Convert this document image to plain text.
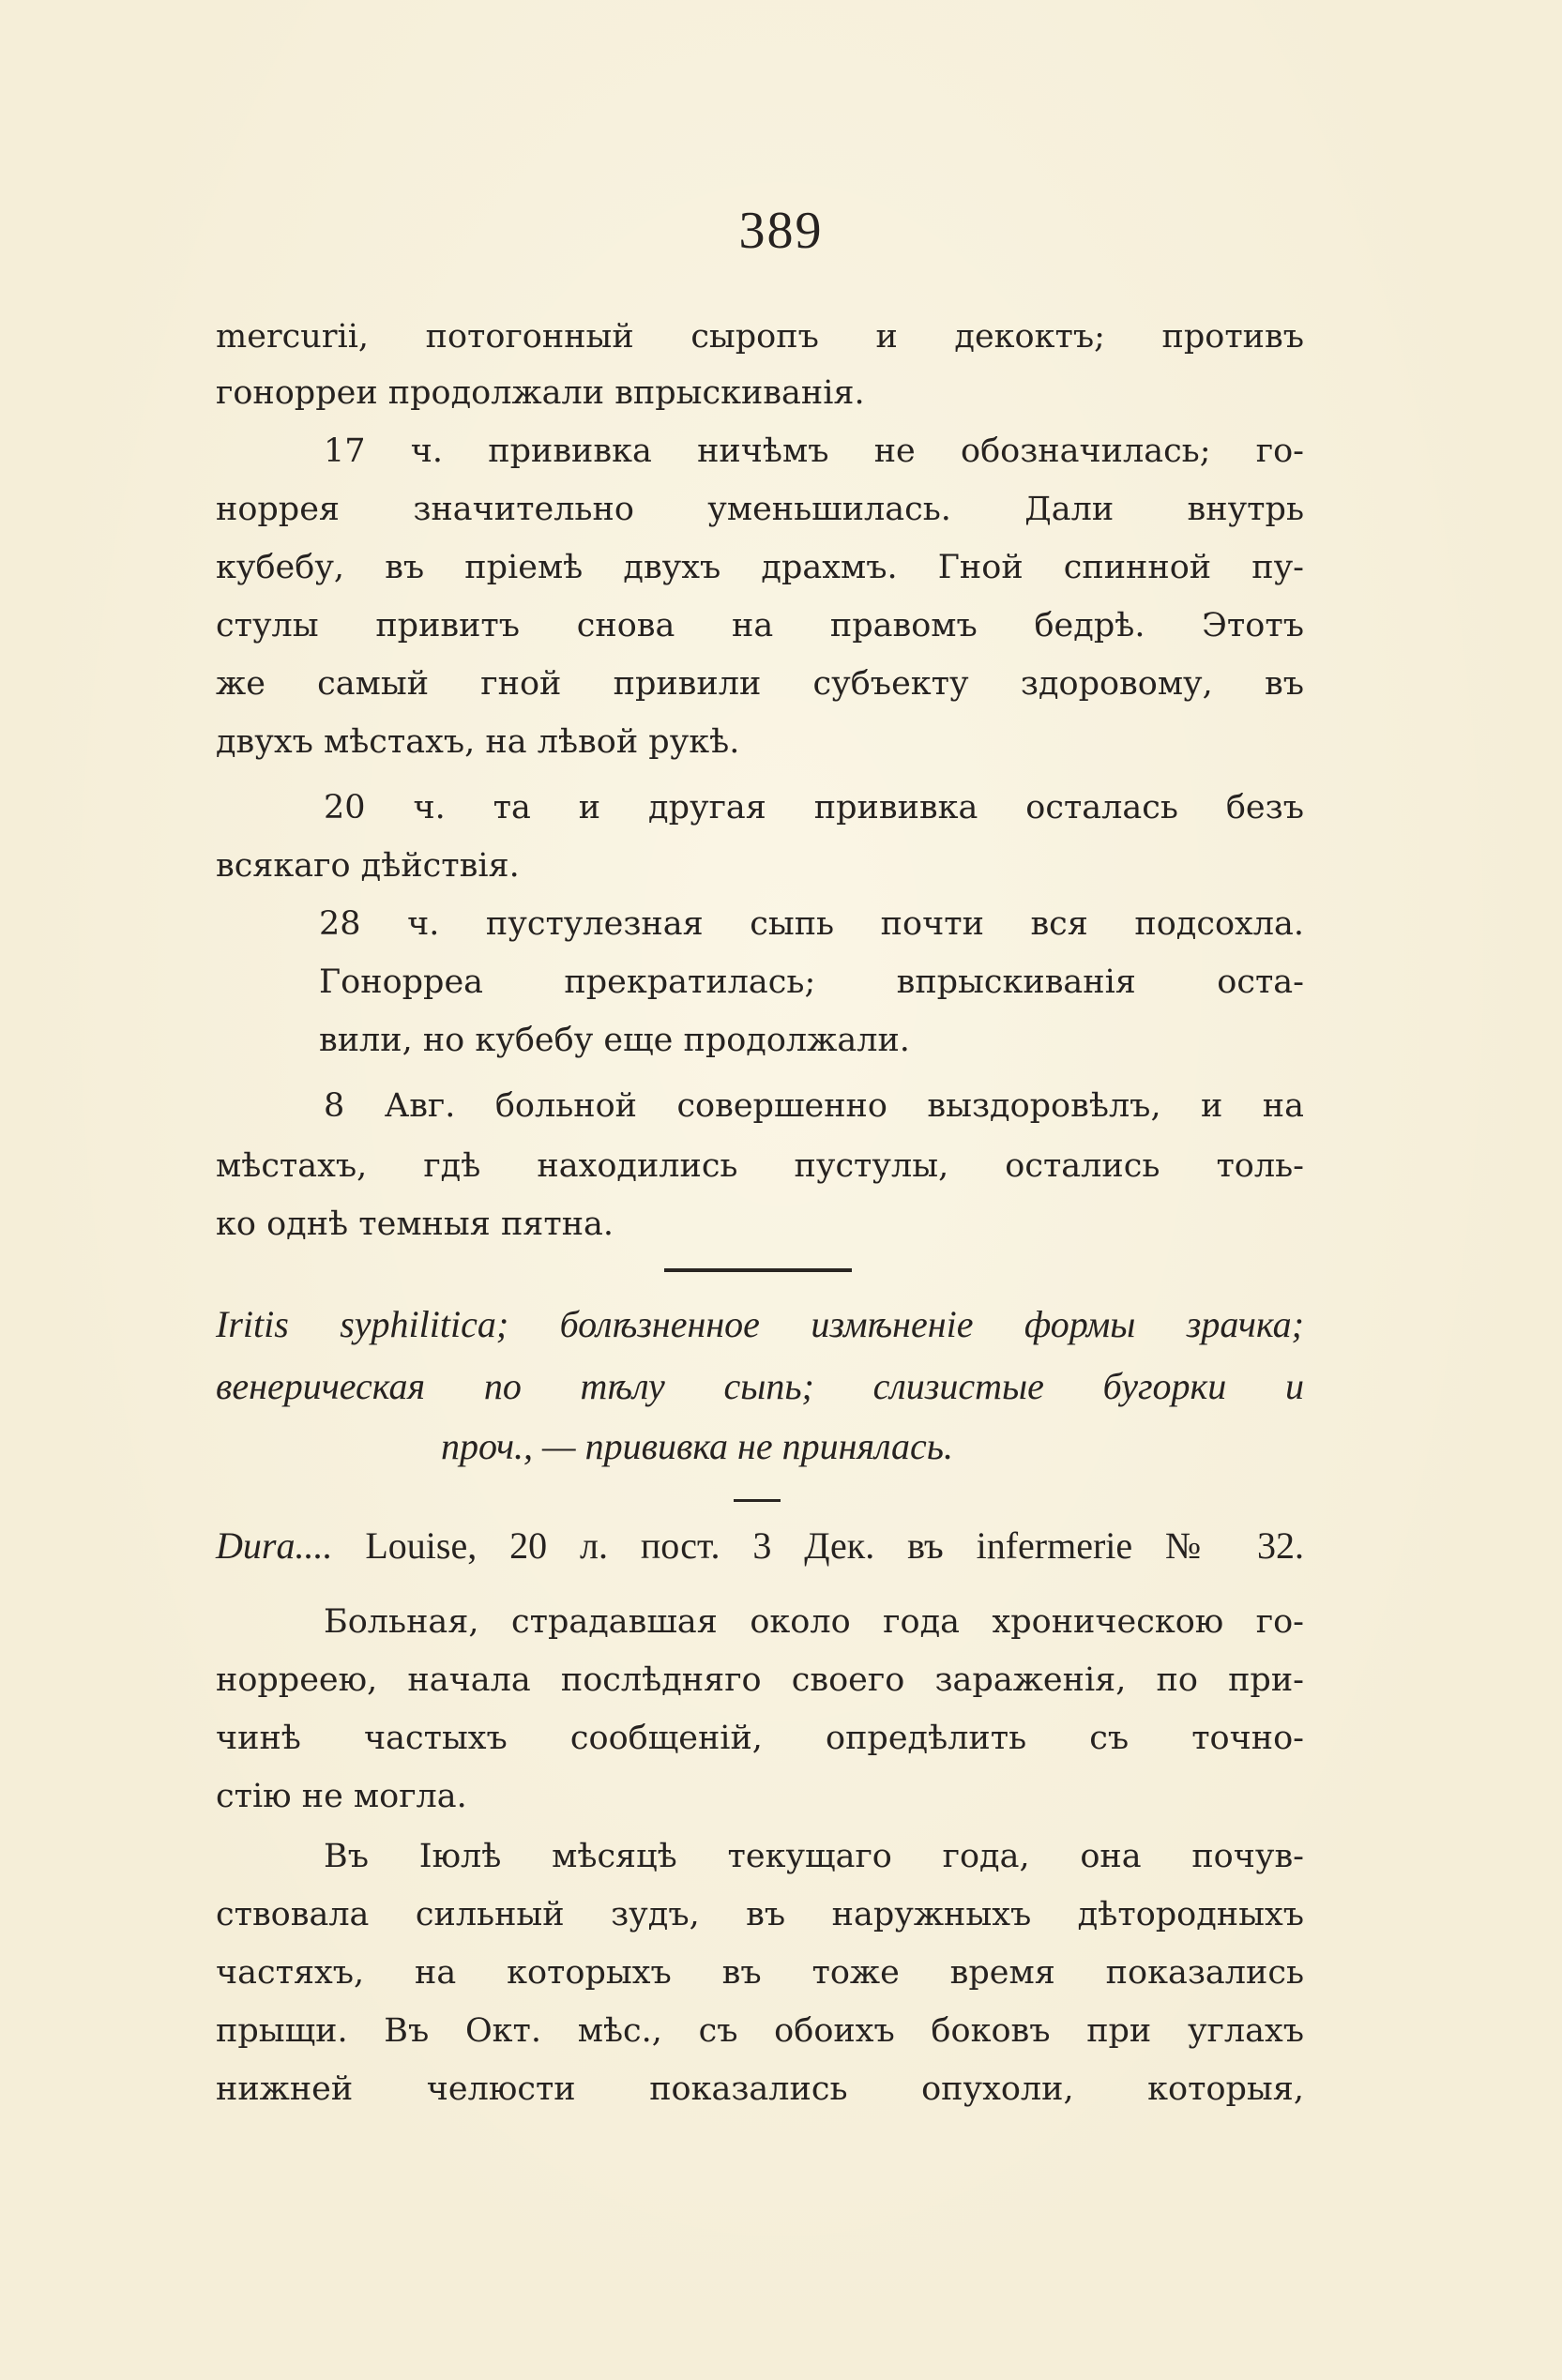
389
mercurii, потогонный сыропъ и декоктъ; противъ
гонорреи продолжали впрыскиванія.
17 ч. прививка ничѣмъ не обозначилась; го-
норрея значительно уменьшилась. Дали внутрь
кубебу, въ пріемѣ двухъ драхмъ. Гной спинной пу-
стулы привитъ снова на правомъ бедрѣ. Этотъ
же самый гной привили субъекту здоровому, въ
двухъ мѣстахъ, на лѣвой рукѣ.
20 ч. та и другая прививка осталась безъ
всякаго дѣйствія.
28 ч. пустулезная сыпь почти вся подсохла.
Гонорреа прекратилась; впрыскиванія оста-
вили, но кубебу еще продолжали.
8 Авг. больной совершенно выздоровѣлъ, и на
мѣстахъ, гдѣ находились пустулы, остались толь-
ко однѣ темныя пятна.
Iritis syphilitica; болѣзненное измѣненіе формы зрачка;
венерическая по тѣлу сыпь; слизистые бугорки и
проч., — прививка не принялась.
Dura.... Louise, 20 л. пост. 3 Дек. въ infermerie № 32.
Больная, страдавшая около года хроническою го-
норреею, начала послѣдняго своего зараженія, по при-
чинѣ частыхъ сообщеній, опредѣлить съ точно-
стію не могла.
Въ Іюлѣ мѣсяцѣ текущаго года, она почув-
ствовала сильный зудъ, въ наружныхъ дѣтородныхъ
частяхъ, на которыхъ въ тоже время показались
прыщи. Въ Окт. мѣс., съ обоихъ боковъ при углахъ
нижней челюсти показались опухоли, которыя,
